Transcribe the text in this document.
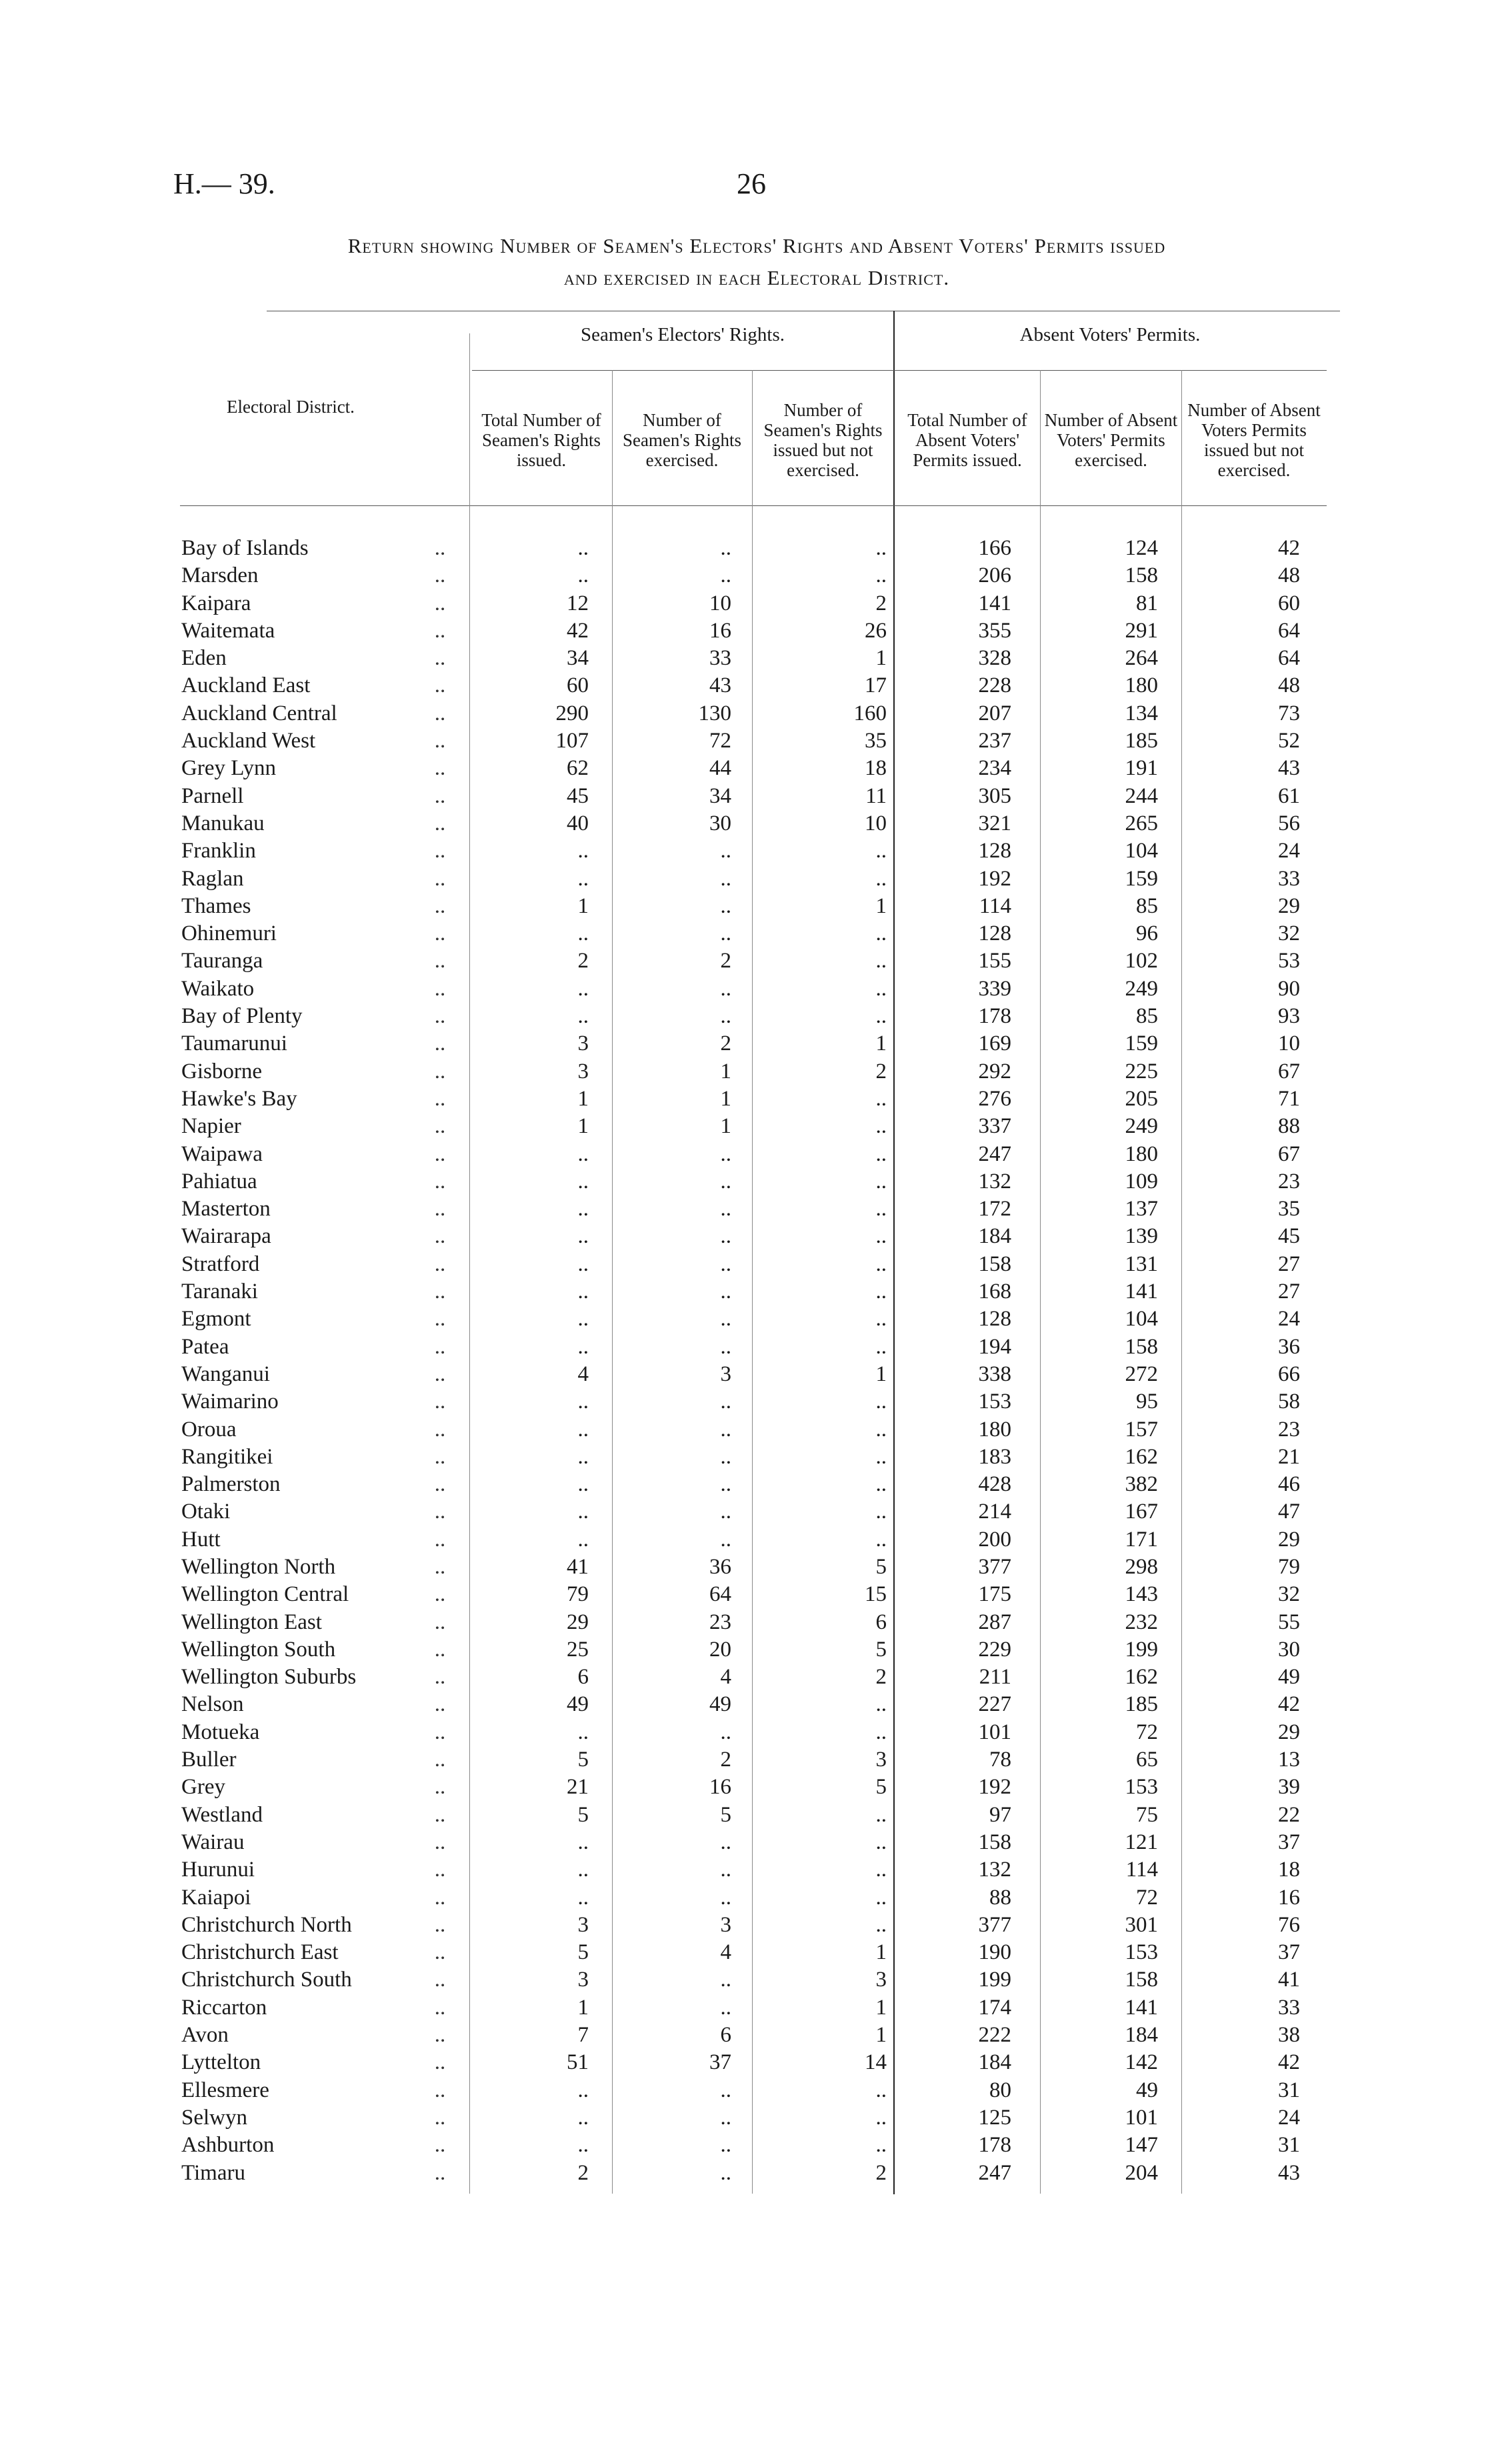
H.— 39.	26
Return showing Number of Seamen's Electors' Rights and Absent Voters' Permits issued
and exercised in each Electoral District.
Seamen's Electors' Rights.	Absent Voters' Permits.
Electoral District.
Total Number of Seamen's Rights issued.
Number of Seamen's Rights exercised.
Number of Seamen's Rights issued but not exercised.
Total Number of Absent Voters' Permits issued.
Number of Absent Voters' Permits exercised.
Number of Absent Voters Permits issued but not exercised.
Bay of Islands	..	..	..	..	166	124	42
Marsden	..	..	..	..	206	158	48
Kaipara	..	12	10	2	141	81	60
Waitemata	..	42	16	26	355	291	64
Eden	..	34	33	1	328	264	64
Auckland East	..	60	43	17	228	180	48
Auckland Central	..	290	130	160	207	134	73
Auckland West	..	107	72	35	237	185	52
Grey Lynn	..	62	44	18	234	191	43
Parnell	..	45	34	11	305	244	61
Manukau	..	40	30	10	321	265	56
Franklin	..	..	..	..	128	104	24
Raglan	..	..	..	..	192	159	33
Thames	..	1	..	1	114	85	29
Ohinemuri	..	..	..	..	128	96	32
Tauranga	..	2	2	..	155	102	53
Waikato	..	..	..	..	339	249	90
Bay of Plenty	..	..	..	..	178	85	93
Taumarunui	..	3	2	1	169	159	10
Gisborne	..	3	1	2	292	225	67
Hawke's Bay	..	1	1	..	276	205	71
Napier	..	1	1	..	337	249	88
Waipawa	..	..	..	..	247	180	67
Pahiatua	..	..	..	..	132	109	23
Masterton	..	..	..	..	172	137	35
Wairarapa	..	..	..	..	184	139	45
Stratford	..	..	..	..	158	131	27
Taranaki	..	..	..	..	168	141	27
Egmont	..	..	..	..	128	104	24
Patea	..	..	..	..	194	158	36
Wanganui	..	4	3	1	338	272	66
Waimarino	..	..	..	..	153	95	58
Oroua	..	..	..	..	180	157	23
Rangitikei	..	..	..	..	183	162	21
Palmerston	..	..	..	..	428	382	46
Otaki	..	..	..	..	214	167	47
Hutt	..	..	..	..	200	171	29
Wellington North	..	41	36	5	377	298	79
Wellington Central	..	79	64	15	175	143	32
Wellington East	..	29	23	6	287	232	55
Wellington South	..	25	20	5	229	199	30
Wellington Suburbs	..	6	4	2	211	162	49
Nelson	..	49	49	..	227	185	42
Motueka	..	..	..	..	101	72	29
Buller	..	5	2	3	78	65	13
Grey	..	21	16	5	192	153	39
Westland	..	5	5	..	97	75	22
Wairau	..	..	..	..	158	121	37
Hurunui	..	..	..	..	132	114	18
Kaiapoi	..	..	..	..	88	72	16
Christchurch North	..	3	3	..	377	301	76
Christchurch East	..	5	4	1	190	153	37
Christchurch South	..	3	..	3	199	158	41
Riccarton	..	1	..	1	174	141	33
Avon	..	7	6	1	222	184	38
Lyttelton	..	51	37	14	184	142	42
Ellesmere	..	..	..	..	80	49	31
Selwyn	..	..	..	..	125	101	24
Ashburton	..	..	..	..	178	147	31
Timaru	..	2	..	2	247	204	43
